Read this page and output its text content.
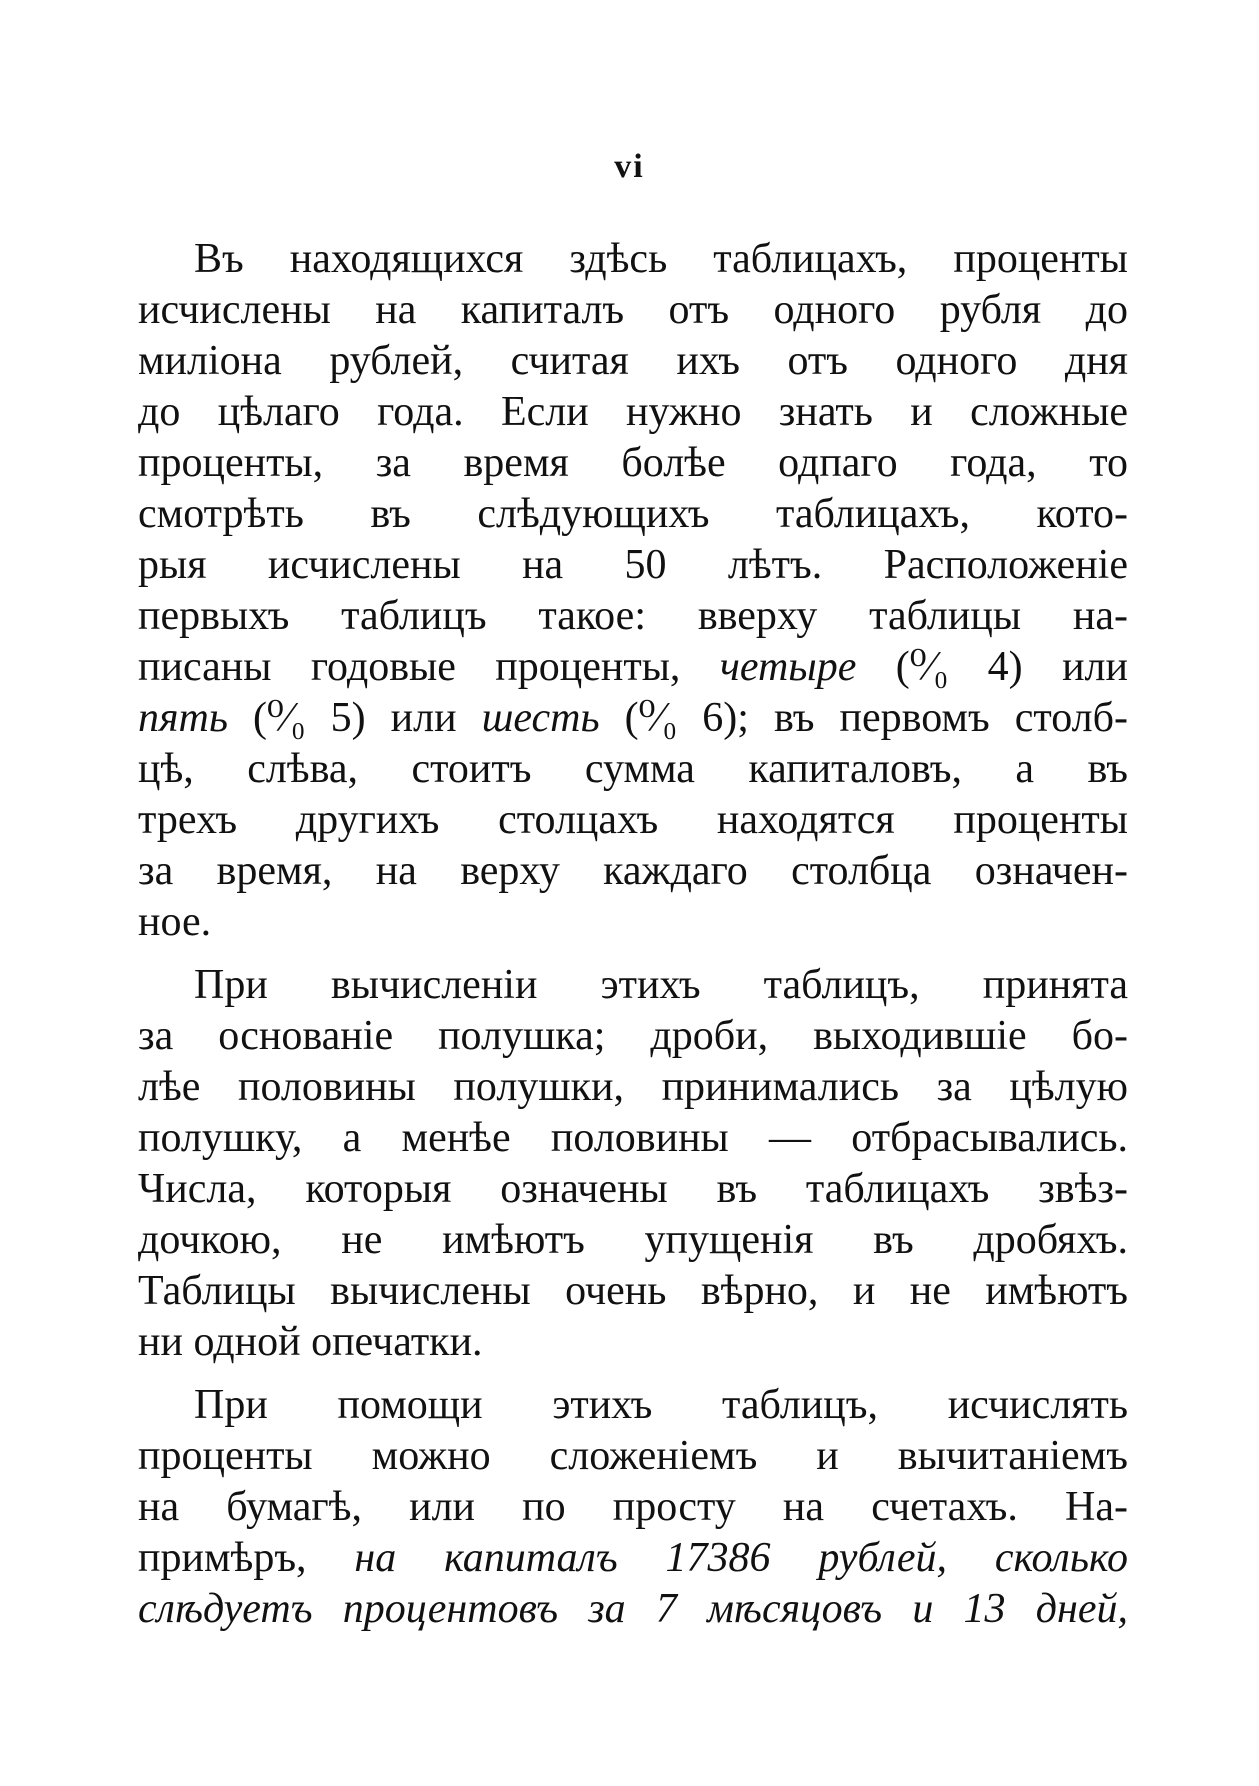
vi
Въ находящихся здѣсь таблицахъ, проценты
исчислены на капиталъ отъ одного рубля до
миліона рублей, считая ихъ отъ одного дня
до цѣлаго года. Если нужно знать и сложные
проценты, за время болѣе одпаго года, то
смотрѣть въ слѣдующихъ таблицахъ, кото-
рыя исчислены на 50 лѣтъ. Расположеніе
первыхъ таблицъ такое: вверху таблицы на-
писаны годовые проценты, четыре (⁰⁄₀ 4) или
пять (⁰⁄₀ 5) или шесть (⁰⁄₀ 6); въ первомъ столб-
цѣ, слѣва, стоитъ сумма капиталовъ, а въ
трехъ другихъ столцахъ находятся проценты
за время, на верху каждаго столбца означен-
ное.
При вычисленіи этихъ таблицъ, принята
за основаніе полушка; дроби, выходившіе бо-
лѣе половины полушки, принимались за цѣлую
полушку, а менѣе половины — отбрасывались.
Числа, которыя означены въ таблицахъ звѣз-
дочкою, не имѣютъ упущенія въ дробяхъ.
Таблицы вычислены очень вѣрно, и не имѣютъ
ни одной опечатки.
При помощи этихъ таблицъ, исчислять
проценты можно сложеніемъ и вычитаніемъ
на бумагѣ, или по просту на счетахъ. На-
примѣръ, на капиталъ 17386 рублей, сколько
слѣдуетъ процентовъ за 7 мѣсяцовъ и 13 дней,
